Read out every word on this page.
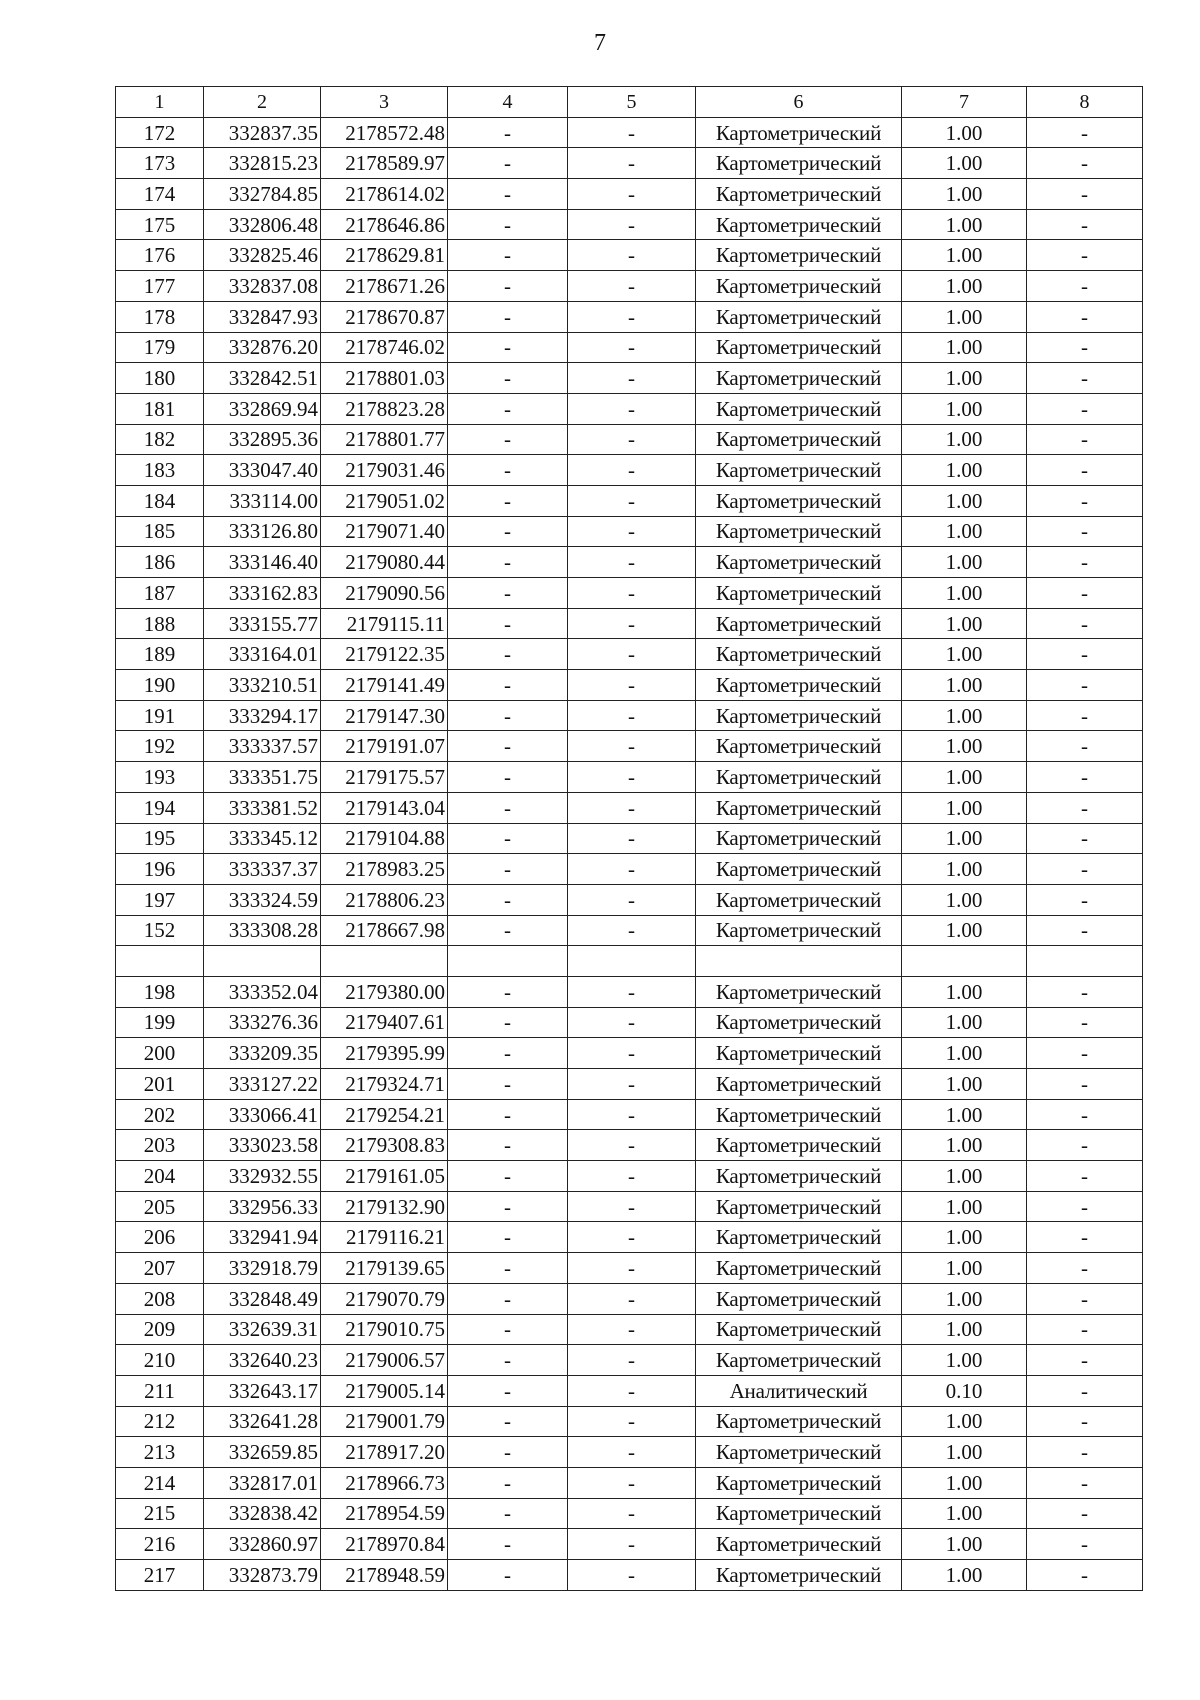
7
1	2	3	4	5	6	7	8
172	332837.35	2178572.48	-	-	Картометрический	1.00	-
173	332815.23	2178589.97	-	-	Картометрический	1.00	-
174	332784.85	2178614.02	-	-	Картометрический	1.00	-
175	332806.48	2178646.86	-	-	Картометрический	1.00	-
176	332825.46	2178629.81	-	-	Картометрический	1.00	-
177	332837.08	2178671.26	-	-	Картометрический	1.00	-
178	332847.93	2178670.87	-	-	Картометрический	1.00	-
179	332876.20	2178746.02	-	-	Картометрический	1.00	-
180	332842.51	2178801.03	-	-	Картометрический	1.00	-
181	332869.94	2178823.28	-	-	Картометрический	1.00	-
182	332895.36	2178801.77	-	-	Картометрический	1.00	-
183	333047.40	2179031.46	-	-	Картометрический	1.00	-
184	333114.00	2179051.02	-	-	Картометрический	1.00	-
185	333126.80	2179071.40	-	-	Картометрический	1.00	-
186	333146.40	2179080.44	-	-	Картометрический	1.00	-
187	333162.83	2179090.56	-	-	Картометрический	1.00	-
188	333155.77	2179115.11	-	-	Картометрический	1.00	-
189	333164.01	2179122.35	-	-	Картометрический	1.00	-
190	333210.51	2179141.49	-	-	Картометрический	1.00	-
191	333294.17	2179147.30	-	-	Картометрический	1.00	-
192	333337.57	2179191.07	-	-	Картометрический	1.00	-
193	333351.75	2179175.57	-	-	Картометрический	1.00	-
194	333381.52	2179143.04	-	-	Картометрический	1.00	-
195	333345.12	2179104.88	-	-	Картометрический	1.00	-
196	333337.37	2178983.25	-	-	Картометрический	1.00	-
197	333324.59	2178806.23	-	-	Картометрический	1.00	-
152	333308.28	2178667.98	-	-	Картометрический	1.00	-

198	333352.04	2179380.00	-	-	Картометрический	1.00	-
199	333276.36	2179407.61	-	-	Картометрический	1.00	-
200	333209.35	2179395.99	-	-	Картометрический	1.00	-
201	333127.22	2179324.71	-	-	Картометрический	1.00	-
202	333066.41	2179254.21	-	-	Картометрический	1.00	-
203	333023.58	2179308.83	-	-	Картометрический	1.00	-
204	332932.55	2179161.05	-	-	Картометрический	1.00	-
205	332956.33	2179132.90	-	-	Картометрический	1.00	-
206	332941.94	2179116.21	-	-	Картометрический	1.00	-
207	332918.79	2179139.65	-	-	Картометрический	1.00	-
208	332848.49	2179070.79	-	-	Картометрический	1.00	-
209	332639.31	2179010.75	-	-	Картометрический	1.00	-
210	332640.23	2179006.57	-	-	Картометрический	1.00	-
211	332643.17	2179005.14	-	-	Аналитический	0.10	-
212	332641.28	2179001.79	-	-	Картометрический	1.00	-
213	332659.85	2178917.20	-	-	Картометрический	1.00	-
214	332817.01	2178966.73	-	-	Картометрический	1.00	-
215	332838.42	2178954.59	-	-	Картометрический	1.00	-
216	332860.97	2178970.84	-	-	Картометрический	1.00	-
217	332873.79	2178948.59	-	-	Картометрический	1.00	-
